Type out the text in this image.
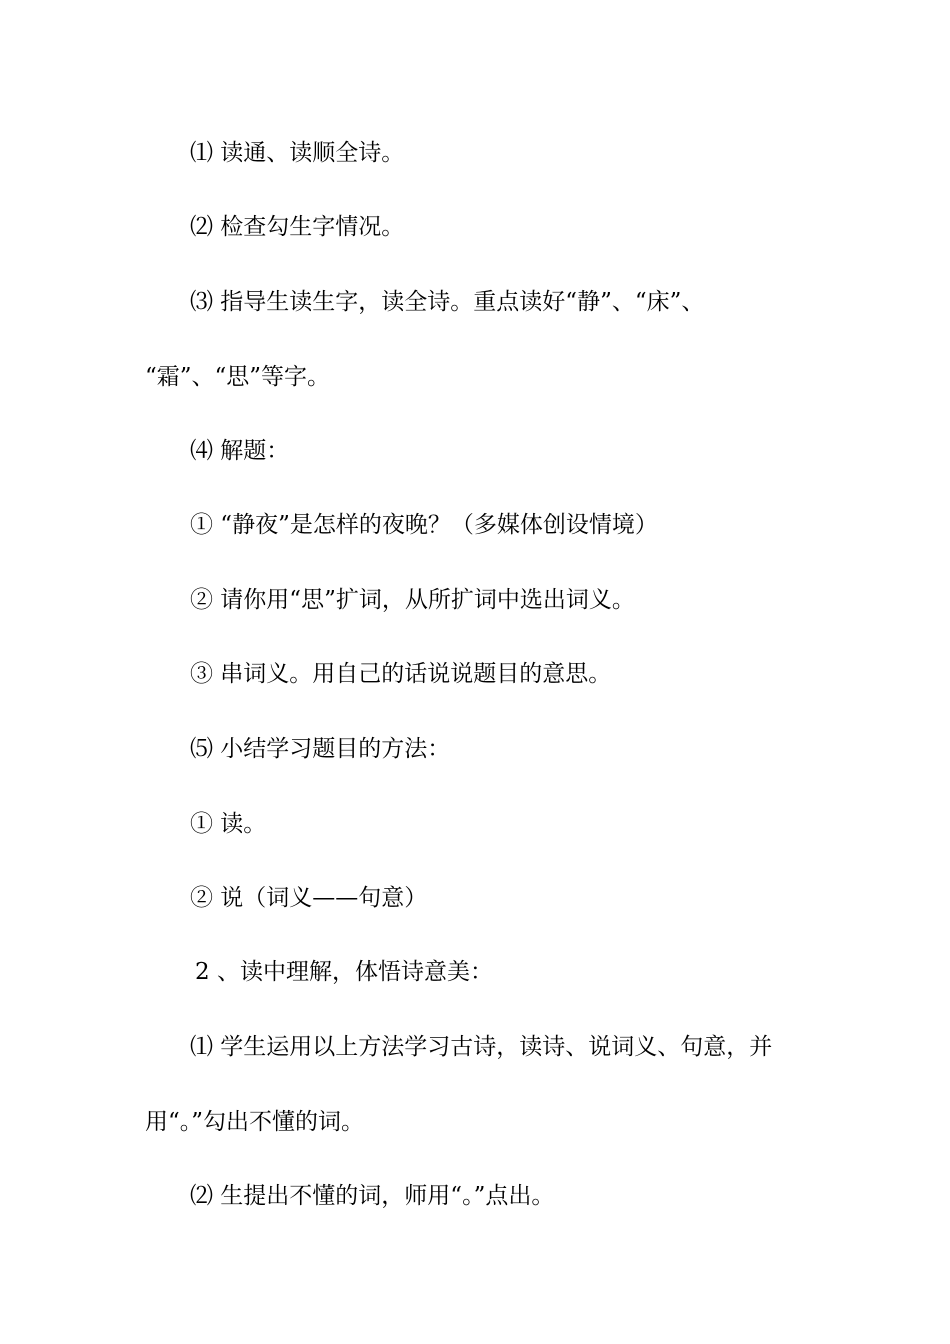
⑴ 读通、读顺全诗。
⑵ 检查勾生字情况。
⑶ 指导生读生字，读全诗。重点读好“静”、“床”、
“霜”、“思”等字。
⑷ 解题：
① “静夜”是怎样的夜晚？（多媒体创设情境）
② 请你用“思”扩词，从所扩词中选出词义。
③ 串词义。用自己的话说说题目的意思。
⑸ 小结学习题目的方法：
① 读。
② 说（词义——句意）
2 、读中理解，体悟诗意美：
⑴ 学生运用以上方法学习古诗，读诗、说词义、句意，并
用“。”勾出不懂的词。
⑵ 生提出不懂的词，师用“。”点出。
